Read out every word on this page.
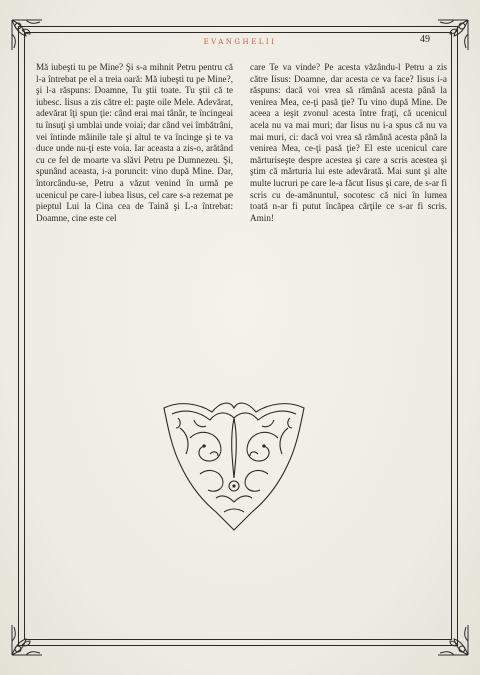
EVANGHELII	49

Mă iubeşti tu pe Mine? Şi s-a mihnit Petru pentru că l-a întrebat pe el a treia oară: Mă iubeşti tu pe Mine?, şi l-a răspuns: Doamne, Tu ştii toate. Tu ştii că te iubesc. Iisus a zis către el: paşte oile Mele. Adevărat, adevărat îţi spun ţie: când erai mai tânăr, te încingeai tu însuţi şi umblai unde voiai; dar când vei îmbătrâni, vei întinde mâinile tale şi altul te va încinge şi te va duce unde nu-ţi este voia. Iar aceasta a zis-o, arătând cu ce fel de moarte va slăvi Petru pe Dumnezeu. Şi, spunând aceasta, i-a poruncit: vino după Mine. Dar, întorcându-se, Petru a văzut venind în urmă pe ucenicul pe care-l iubea Iisus, cel care s-a rezemat pe pieptul Lui la Cina cea de Taină şi L-a întrebat: Doamne, cine este cel

care Te va vinde? Pe acesta văzându-l Petru a zis către Iisus: Doamne, dar acesta ce va face? Iisus i-a răspuns: dacă voi vrea să rămână acesta până la venirea Mea, ce-ţi pasă ţie? Tu vino după Mine. De aceea a ieşit zvonul acesta între fraţi, că ucenicul acela nu va mai muri; dar Iisus nu i-a spus că nu va mai muri, ci: dacă voi vrea să rămână acesta până la venirea Mea, ce-ţi pasă ţie? El este ucenicul care mărturiseşte despre acestea şi care a scris acestea şi ştim că mărturia lui este adevărată. Mai sunt şi alte multe lucruri pe care le-a făcut Iisus şi care, de s-ar fi scris cu de-amănuntul, socotesc că nici în lumea toată n-ar fi putut încăpea cărţile ce s-ar fi scris. Amin!
